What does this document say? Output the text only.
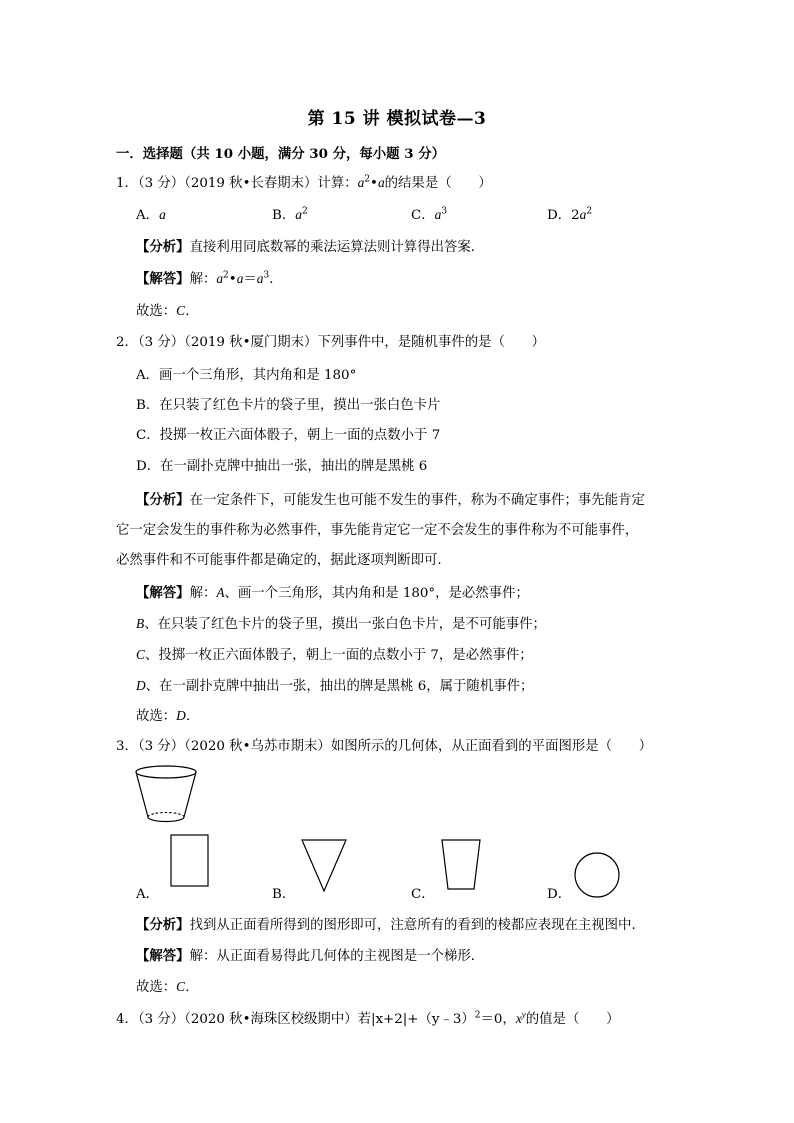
第 15 讲 模拟试卷—3
一．选择题（共 10 小题，满分 30 分，每小题 3 分）
1．（3 分）（2019 秋•长春期末）计算：$a^2•a$的结果是（　　）
A．a	B．$a^2$	C．$a^3$	D．$2a^2$
【分析】直接利用同底数幂的乘法运算法则计算得出答案．
【解答】解：$a^2•a=a^3$．
故选：C．
2．（3 分）（2019 秋•厦门期末）下列事件中，是随机事件的是（　　）
A．画一个三角形，其内角和是 180°
B．在只装了红色卡片的袋子里，摸出一张白色卡片
C．投掷一枚正六面体骰子，朝上一面的点数小于 7
D．在一副扑克牌中抽出一张，抽出的牌是黑桃 6
【分析】在一定条件下，可能发生也可能不发生的事件，称为不确定事件；事先能肯定
它一定会发生的事件称为必然事件，事先能肯定它一定不会发生的事件称为不可能事件，
必然事件和不可能事件都是确定的，据此逐项判断即可．
【解答】解：A、画一个三角形，其内角和是 180°，是必然事件；
B、在只装了红色卡片的袋子里，摸出一张白色卡片，是不可能事件；
C、投掷一枚正六面体骰子，朝上一面的点数小于 7，是必然事件；
D、在一副扑克牌中抽出一张，抽出的牌是黑桃 6，属于随机事件；
故选：D．
3．（3 分）（2020 秋•乌苏市期末）如图所示的几何体，从正面看到的平面图形是（　　）
A．	B．	C．	D．
【分析】找到从正面看所得到的图形即可，注意所有的看到的棱都应表现在主视图中．
【解答】解：从正面看易得此几何体的主视图是一个梯形．
故选：C．
4．（3 分）（2020 秋•海珠区校级期中）若|x+2|+（y﹣3）$^2$＝0，$x^y$的值是（　　）
